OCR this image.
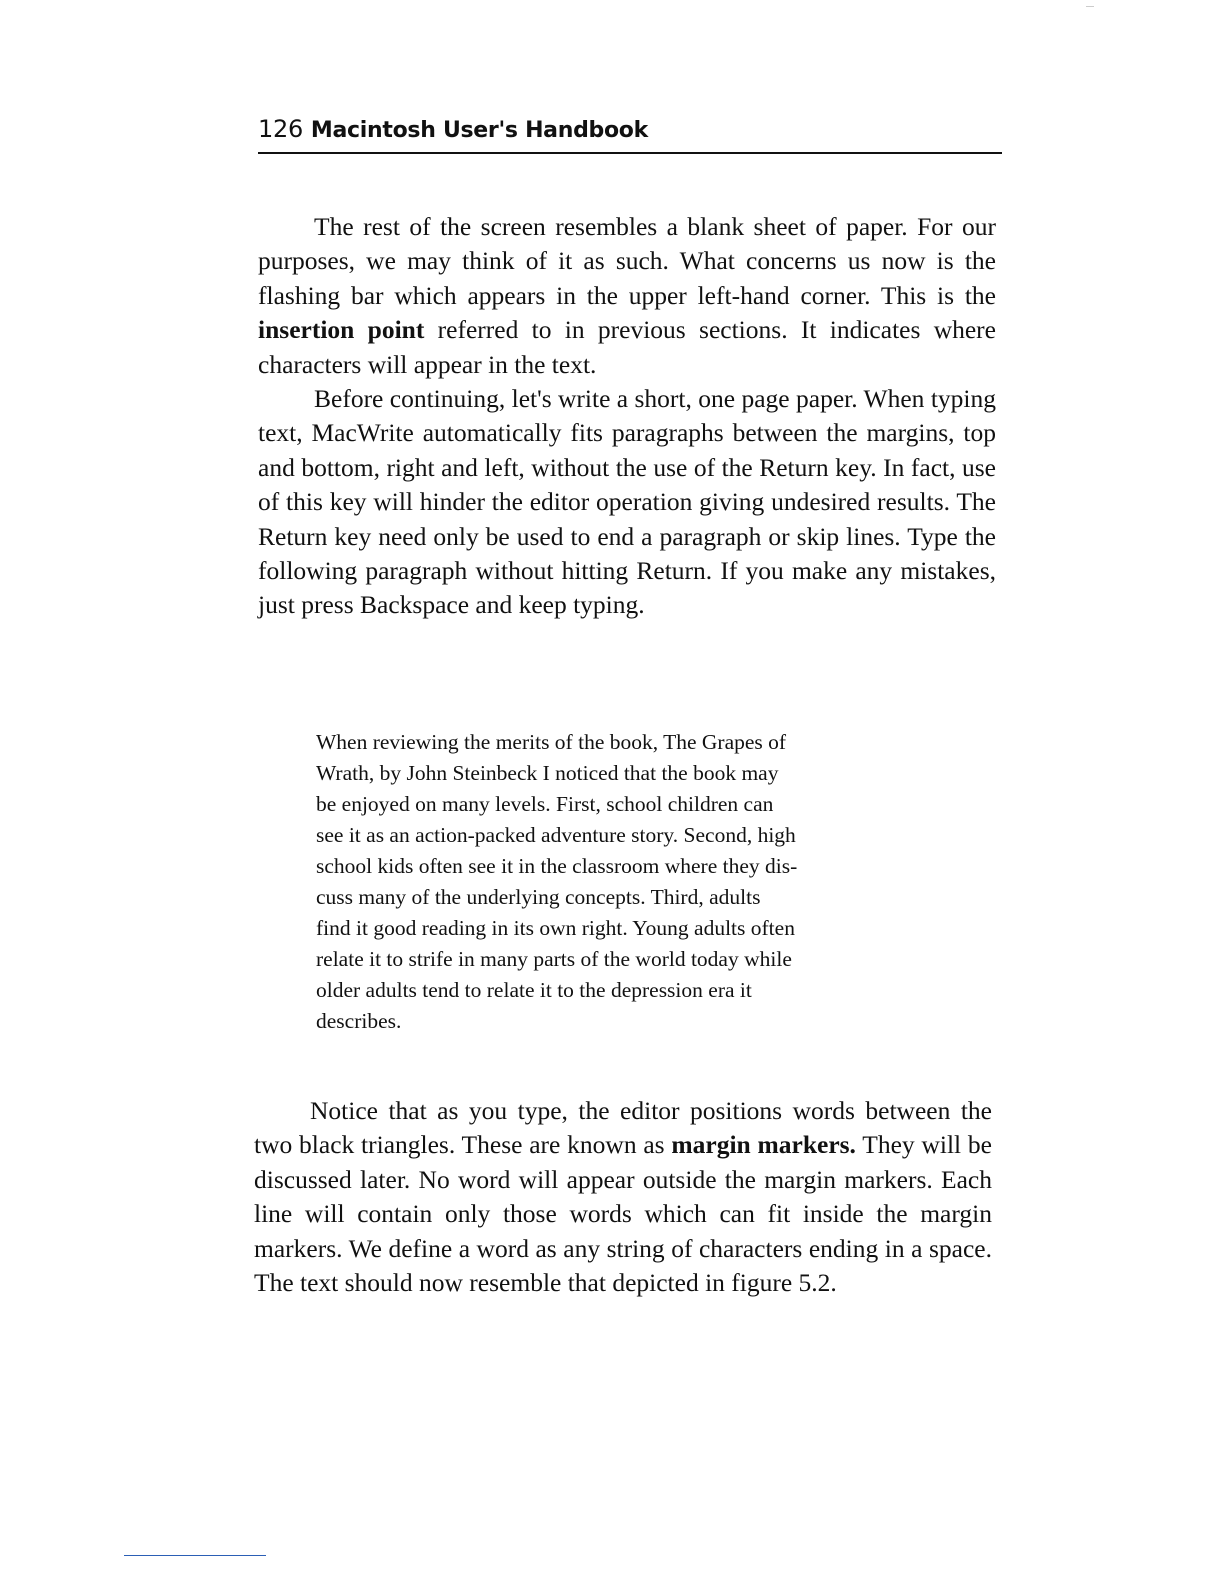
126 Macintosh User's Handbook

The rest of the screen resembles a blank sheet of paper. For our purposes, we may think of it as such. What concerns us now is the flashing bar which appears in the upper left-hand corner. This is the insertion point referred to in previous sections. It indicates where characters will appear in the text.

Before continuing, let's write a short, one page paper. When typing text, MacWrite automatically fits paragraphs between the margins, top and bottom, right and left, without the use of the Return key. In fact, use of this key will hinder the editor operation giving undesired results. The Return key need only be used to end a paragraph or skip lines. Type the following paragraph without hitting Return. If you make any mistakes, just press Backspace and keep typing.

When reviewing the merits of the book, The Grapes of
Wrath, by John Steinbeck I noticed that the book may
be enjoyed on many levels. First, school children can
see it as an action-packed adventure story. Second, high
school kids often see it in the classroom where they dis-
cuss many of the underlying concepts. Third, adults
find it good reading in its own right. Young adults often
relate it to strife in many parts of the world today while
older adults tend to relate it to the depression era it
describes.

Notice that as you type, the editor positions words between the two black triangles. These are known as margin markers. They will be discussed later. No word will appear outside the margin markers. Each line will contain only those words which can fit inside the margin markers. We define a word as any string of characters ending in a space. The text should now resemble that depicted in figure 5.2.
